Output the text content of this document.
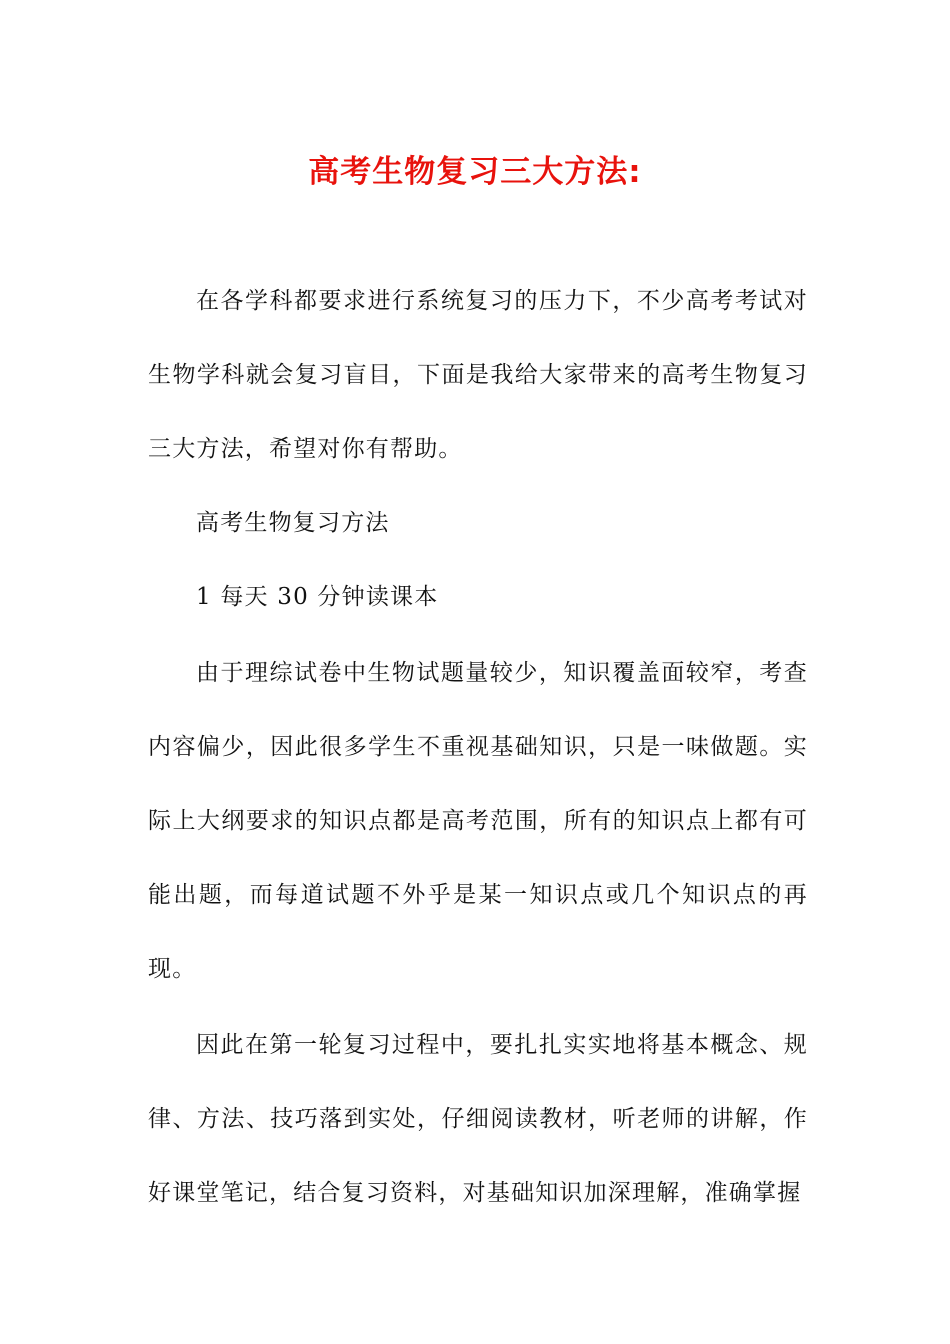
高考生物复习三大方法:

在各学科都要求进行系统复习的压力下，不少高考考试对生物学科就会复习盲目，下面是我给大家带来的高考生物复习三大方法，希望对你有帮助。

高考生物复习方法

1 每天 30 分钟读课本

由于理综试卷中生物试题量较少，知识覆盖面较窄，考查内容偏少，因此很多学生不重视基础知识，只是一味做题。实际上大纲要求的知识点都是高考范围，所有的知识点上都有可能出题，而每道试题不外乎是某一知识点或几个知识点的再现。

因此在第一轮复习过程中，要扎扎实实地将基本概念、规律、方法、技巧落到实处，仔细阅读教材，听老师的讲解，作好课堂笔记，结合复习资料，对基础知识加深理解，准确掌握
